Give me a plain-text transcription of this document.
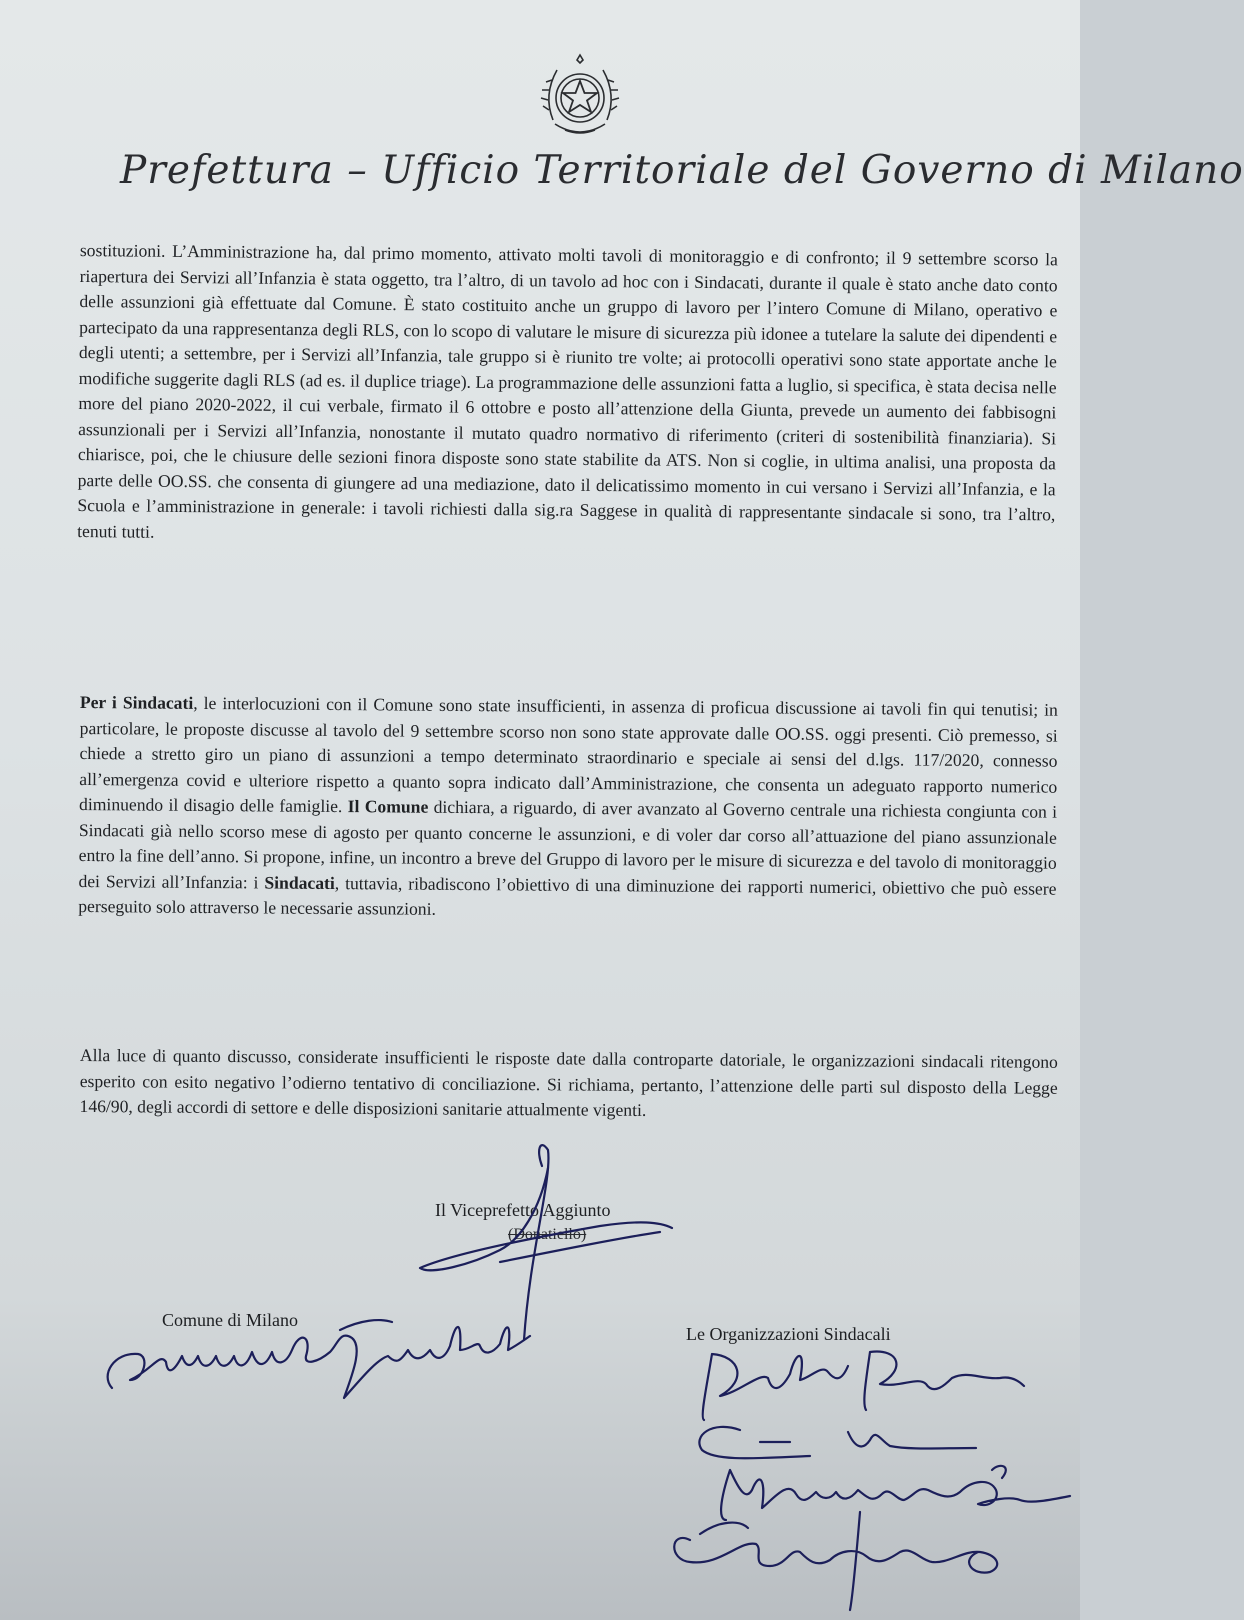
Prefettura – Ufficio Territoriale del Governo di Milano

sostituzioni. L’Amministrazione ha, dal primo momento, attivato molti tavoli di monitoraggio e di confronto; il 9 settembre scorso la riapertura dei Servizi all’Infanzia è stata oggetto, tra l’altro, di un tavolo ad hoc con i Sindacati, durante il quale è stato anche dato conto delle assunzioni già effettuate dal Comune. È stato costituito anche un gruppo di lavoro per l’intero Comune di Milano, operativo e partecipato da una rappresentanza degli RLS, con lo scopo di valutare le misure di sicurezza più idonee a tutelare la salute dei dipendenti e degli utenti; a settembre, per i Servizi all’Infanzia, tale gruppo si è riunito tre volte; ai protocolli operativi sono state apportate anche le modifiche suggerite dagli RLS (ad es. il duplice triage). La programmazione delle assunzioni fatta a luglio, si specifica, è stata decisa nelle more del piano 2020-2022, il cui verbale, firmato il 6 ottobre e posto all’attenzione della Giunta, prevede un aumento dei fabbisogni assunzionali per i Servizi all’Infanzia, nonostante il mutato quadro normativo di riferimento (criteri di sostenibilità finanziaria). Si chiarisce, poi, che le chiusure delle sezioni finora disposte sono state stabilite da ATS. Non si coglie, in ultima analisi, una proposta da parte delle OO.SS. che consenta di giungere ad una mediazione, dato il delicatissimo momento in cui versano i Servizi all’Infanzia, e la Scuola e l’amministrazione in generale: i tavoli richiesti dalla sig.ra Saggese in qualità di rappresentante sindacale si sono, tra l’altro, tenuti tutti.

Per i Sindacati, le interlocuzioni con il Comune sono state insufficienti, in assenza di proficua discussione ai tavoli fin qui tenutisi; in particolare, le proposte discusse al tavolo del 9 settembre scorso non sono state approvate dalle OO.SS. oggi presenti. Ciò premesso, si chiede a stretto giro un piano di assunzioni a tempo determinato straordinario e speciale ai sensi del d.lgs. 117/2020, connesso all’emergenza covid e ulteriore rispetto a quanto sopra indicato dall’Amministrazione, che consenta un adeguato rapporto numerico diminuendo il disagio delle famiglie. Il Comune dichiara, a riguardo, di aver avanzato al Governo centrale una richiesta congiunta con i Sindacati già nello scorso mese di agosto per quanto concerne le assunzioni, e di voler dar corso all’attuazione del piano assunzionale entro la fine dell’anno. Si propone, infine, un incontro a breve del Gruppo di lavoro per le misure di sicurezza e del tavolo di monitoraggio dei Servizi all’Infanzia: i Sindacati, tuttavia, ribadiscono l’obiettivo di una diminuzione dei rapporti numerici, obiettivo che può essere perseguito solo attraverso le necessarie assunzioni.

Alla luce di quanto discusso, considerate insufficienti le risposte date dalla controparte datoriale, le organizzazioni sindacali ritengono esperito con esito negativo l’odierno tentativo di conciliazione. Si richiama, pertanto, l’attenzione delle parti sul disposto della Legge 146/90, degli accordi di settore e delle disposizioni sanitarie attualmente vigenti.

Il Viceprefetto Aggiunto
(Donatiello)
Comune di Milano
Le Organizzazioni Sindacali
